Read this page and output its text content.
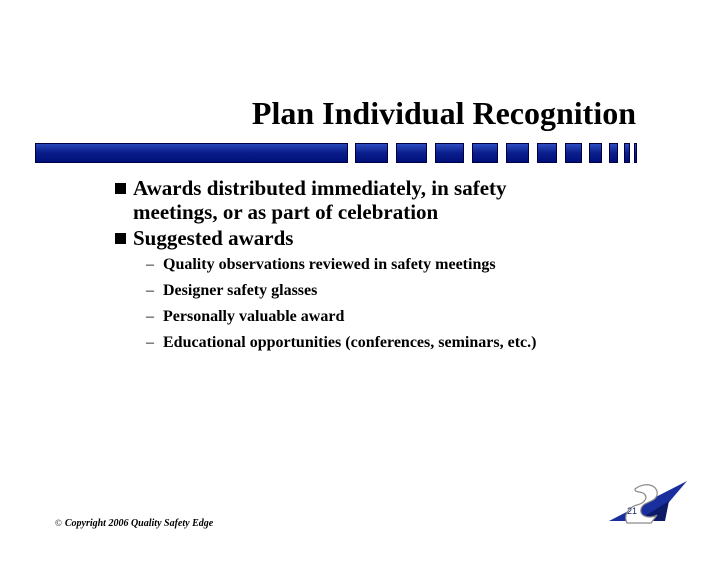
Plan Individual Recognition
Awards distributed immediately, in safety
meetings, or as part of celebration
Suggested awards
– Quality observations reviewed in safety meetings
– Designer safety glasses
– Personally valuable award
– Educational opportunities (conferences, seminars, etc.)
© Copyright 2006 Quality Safety Edge
21
